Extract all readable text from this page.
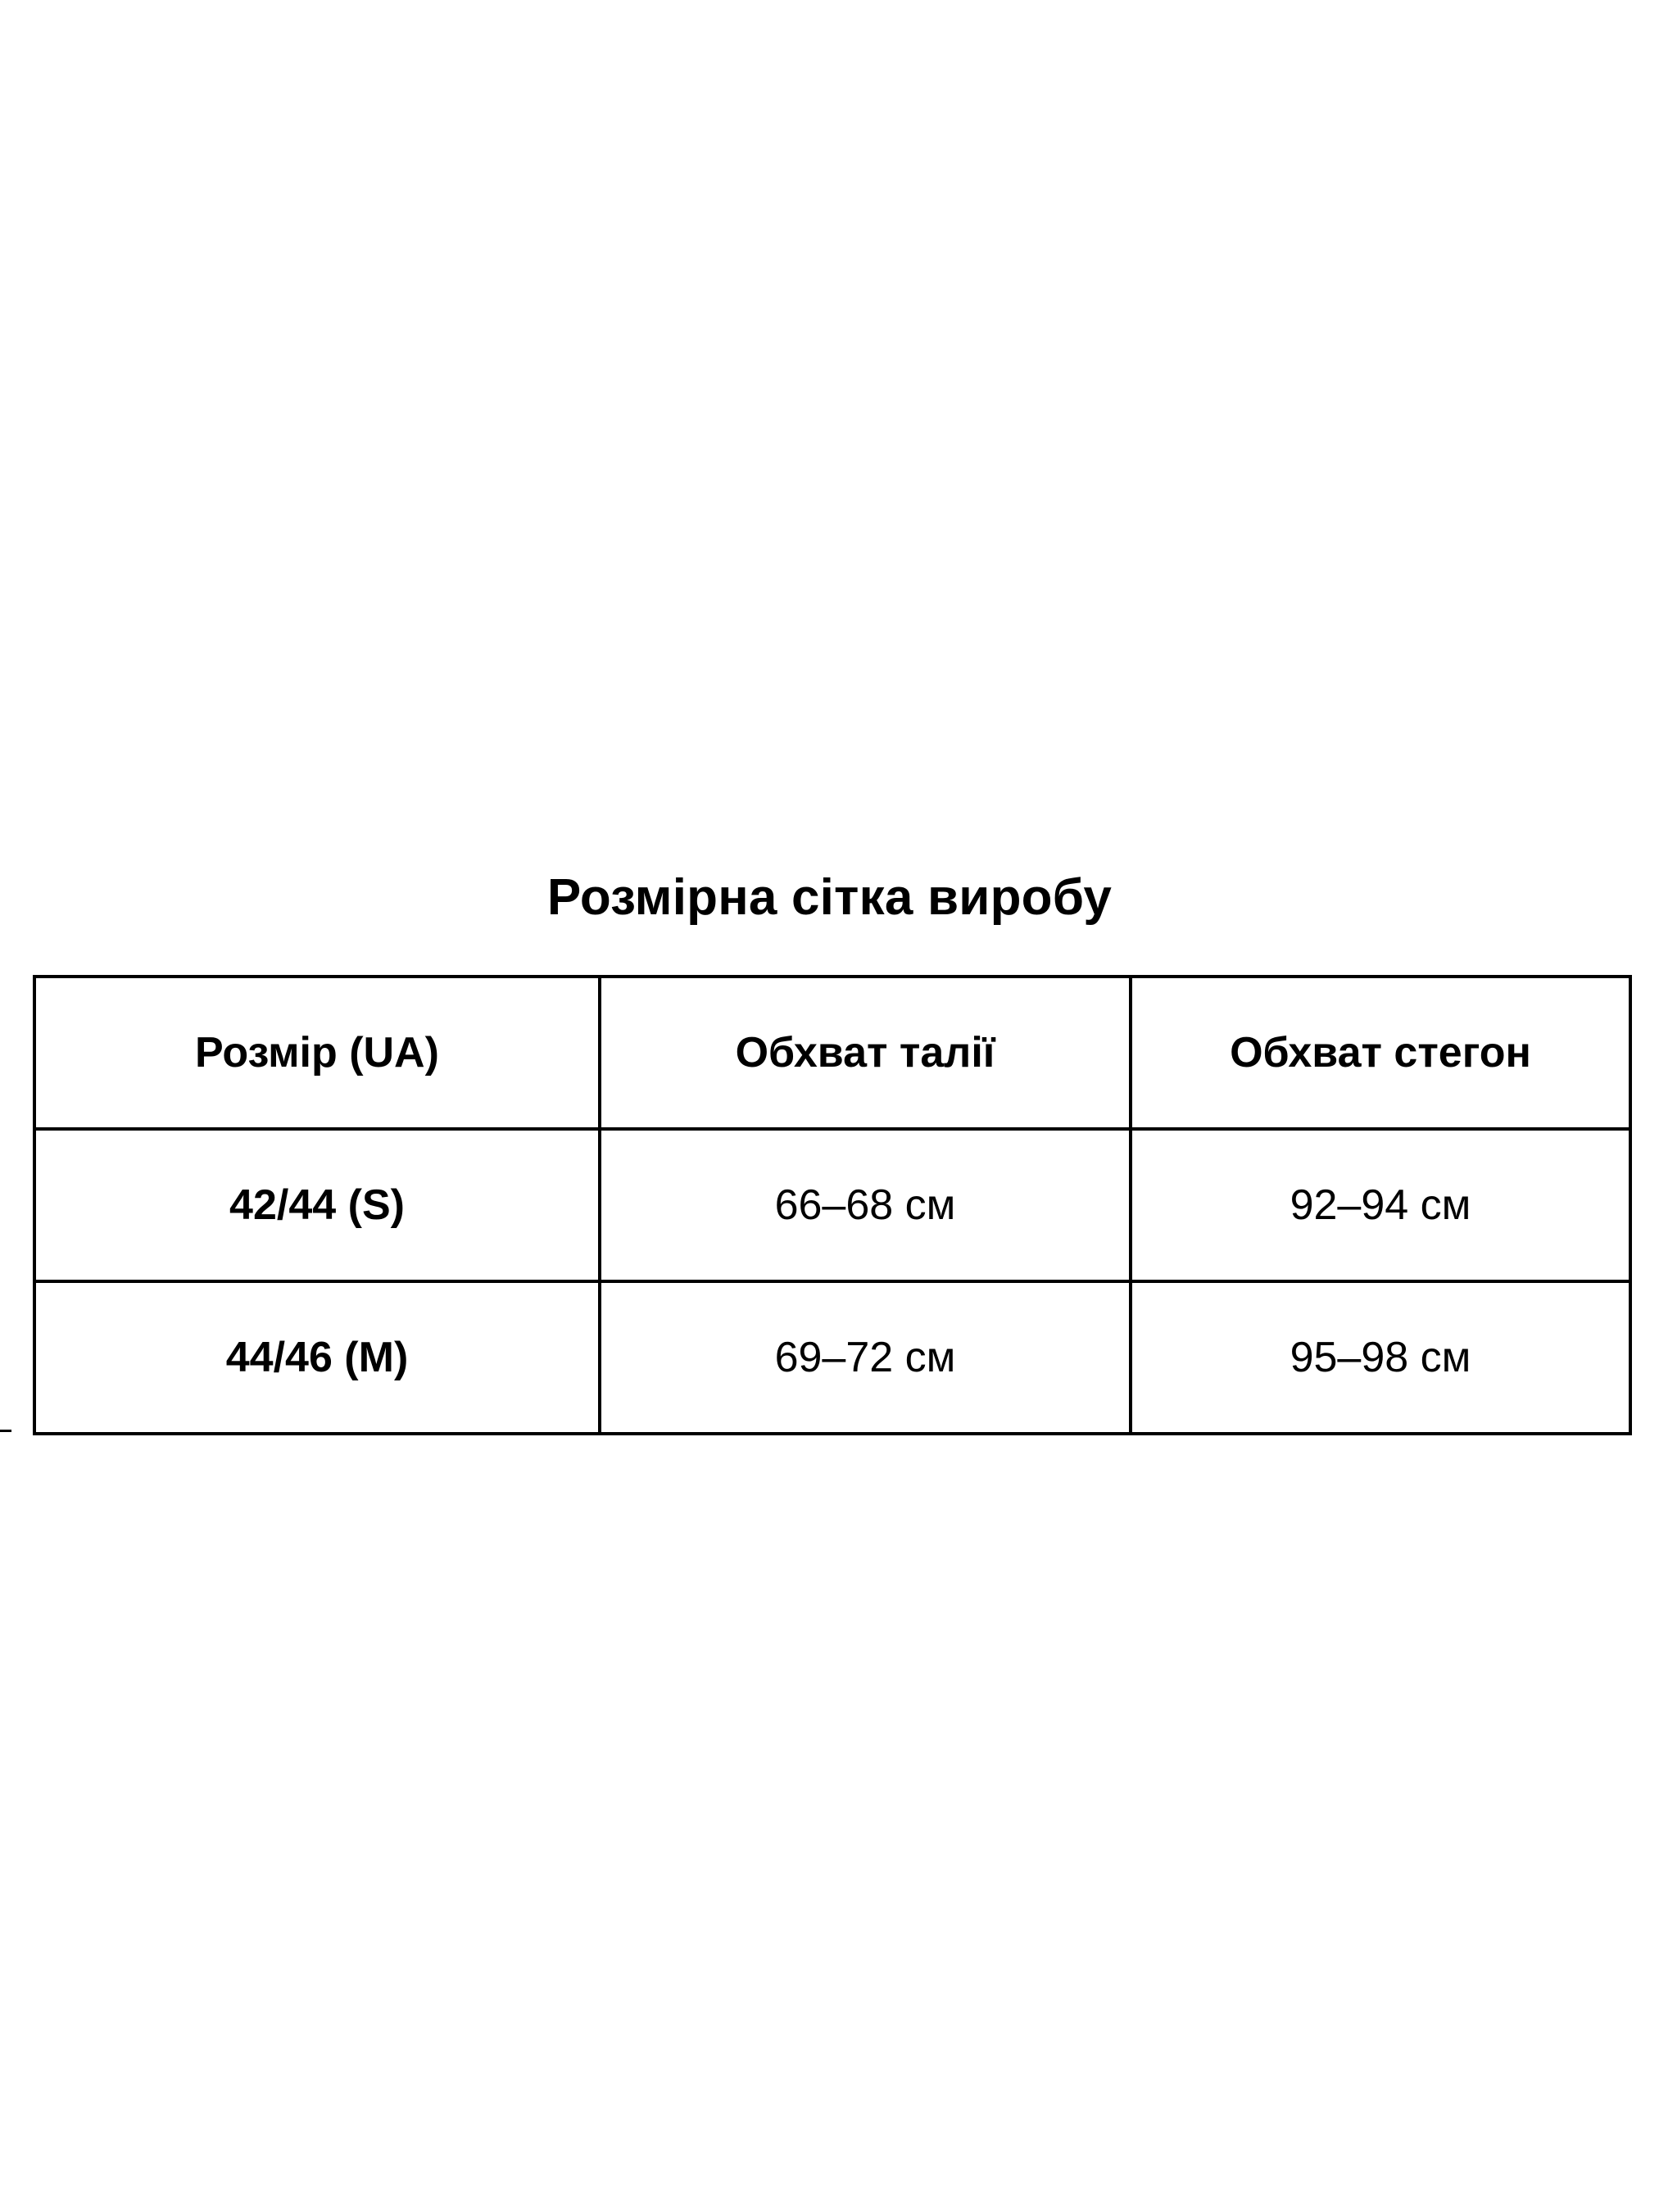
Розмірна сітка виробу
Розмір (UA)	Обхват талії	Обхват стегон
42/44 (S)	66–68 см	92–94 см
44/46 (M)	69–72 см	95–98 см
